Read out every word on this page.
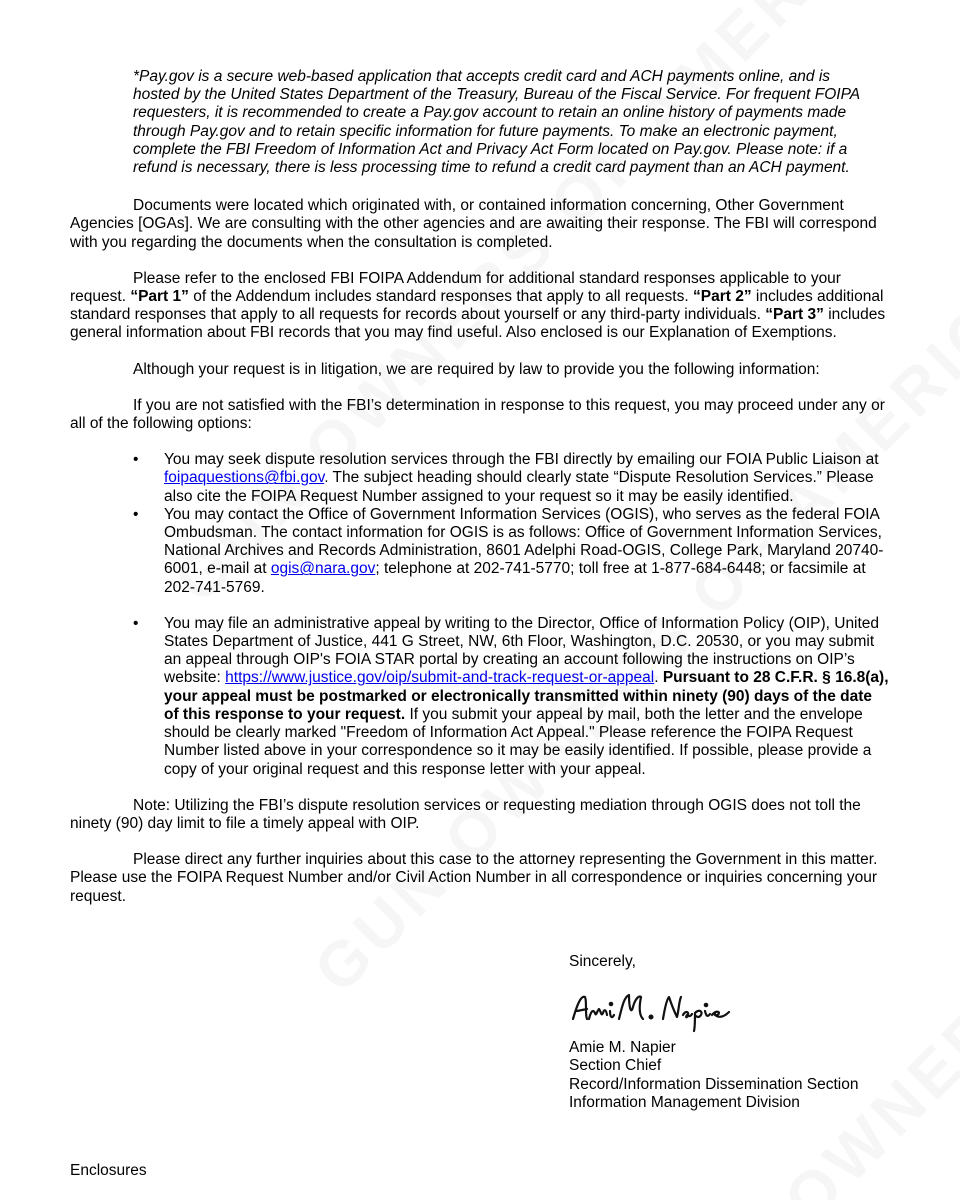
*Pay.gov is a secure web-based application that accepts credit card and ACH payments online, and is hosted by the United States Department of the Treasury, Bureau of the Fiscal Service. For frequent FOIPA requesters, it is recommended to create a Pay.gov account to retain an online history of payments made through Pay.gov and to retain specific information for future payments. To make an electronic payment, complete the FBI Freedom of Information Act and Privacy Act Form located on Pay.gov. Please note: if a refund is necessary, there is less processing time to refund a credit card payment than an ACH payment.

Documents were located which originated with, or contained information concerning, Other Government Agencies [OGAs]. We are consulting with the other agencies and are awaiting their response. The FBI will correspond with you regarding the documents when the consultation is completed.

Please refer to the enclosed FBI FOIPA Addendum for additional standard responses applicable to your request. “Part 1” of the Addendum includes standard responses that apply to all requests. “Part 2” includes additional standard responses that apply to all requests for records about yourself or any third-party individuals. “Part 3” includes general information about FBI records that you may find useful. Also enclosed is our Explanation of Exemptions.

Although your request is in litigation, we are required by law to provide you the following information:

If you are not satisfied with the FBI’s determination in response to this request, you may proceed under any or all of the following options:

• You may seek dispute resolution services through the FBI directly by emailing our FOIA Public Liaison at foipaquestions@fbi.gov. The subject heading should clearly state “Dispute Resolution Services.” Please also cite the FOIPA Request Number assigned to your request so it may be easily identified.
• You may contact the Office of Government Information Services (OGIS), who serves as the federal FOIA Ombudsman. The contact information for OGIS is as follows: Office of Government Information Services, National Archives and Records Administration, 8601 Adelphi Road-OGIS, College Park, Maryland 20740-6001, e-mail at ogis@nara.gov; telephone at 202-741-5770; toll free at 1-877-684-6448; or facsimile at 202-741-5769.
• You may file an administrative appeal by writing to the Director, Office of Information Policy (OIP), United States Department of Justice, 441 G Street, NW, 6th Floor, Washington, D.C. 20530, or you may submit an appeal through OIP's FOIA STAR portal by creating an account following the instructions on OIP’s website: https://www.justice.gov/oip/submit-and-track-request-or-appeal. Pursuant to 28 C.F.R. § 16.8(a), your appeal must be postmarked or electronically transmitted within ninety (90) days of the date of this response to your request. If you submit your appeal by mail, both the letter and the envelope should be clearly marked "Freedom of Information Act Appeal." Please reference the FOIPA Request Number listed above in your correspondence so it may be easily identified. If possible, please provide a copy of your original request and this response letter with your appeal.

Note: Utilizing the FBI’s dispute resolution services or requesting mediation through OGIS does not toll the ninety (90) day limit to file a timely appeal with OIP.

Please direct any further inquiries about this case to the attorney representing the Government in this matter. Please use the FOIPA Request Number and/or Civil Action Number in all correspondence or inquiries concerning your request.

Sincerely,
Amie M. Napier
Section Chief
Record/Information Dissemination Section
Information Management Division
Enclosures
